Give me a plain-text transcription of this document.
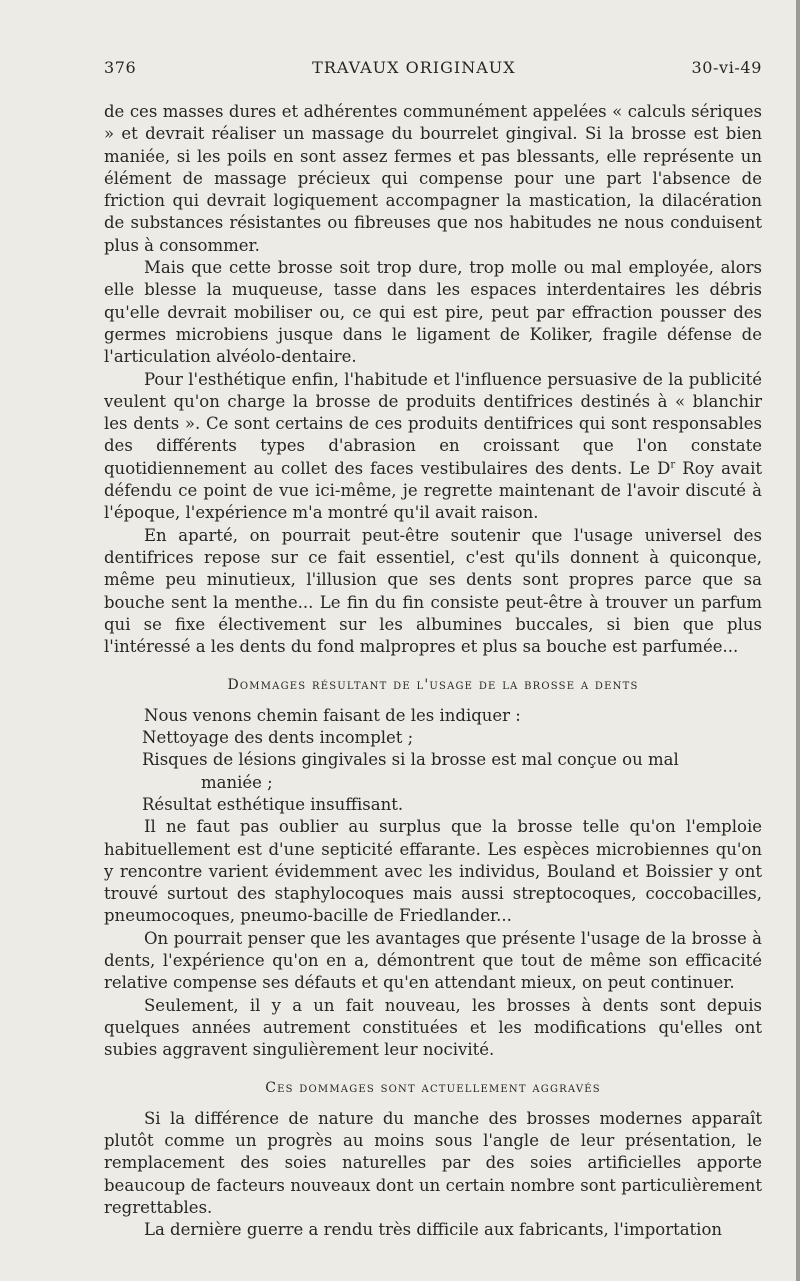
376	TRAVAUX ORIGINAUX	30-vi-49

de ces masses dures et adhérentes communément appelées « calculs sériques » et devrait réaliser un massage du bourrelet gingival. Si la brosse est bien maniée, si les poils en sont assez fermes et pas blessants, elle représente un élément de massage précieux qui compense pour une part l'absence de friction qui devrait logiquement accompagner la mastication, la dilacération de substances résistantes ou fibreuses que nos habitudes ne nous conduisent plus à consommer.

Mais que cette brosse soit trop dure, trop molle ou mal employée, alors elle blesse la muqueuse, tasse dans les espaces interdentaires les débris qu'elle devrait mobiliser ou, ce qui est pire, peut par effraction pousser des germes microbiens jusque dans le ligament de Koliker, fragile défense de l'articulation alvéolo-dentaire.

Pour l'esthétique enfin, l'habitude et l'influence persuasive de la publicité veulent qu'on charge la brosse de produits dentifrices destinés à « blanchir les dents ». Ce sont certains de ces produits dentifrices qui sont responsables des différents types d'abrasion en croissant que l'on constate quotidiennement au collet des faces vestibulaires des dents. Le $D^r$ Roy avait défendu ce point de vue ici-même, je regrette maintenant de l'avoir discuté à l'époque, l'expérience m'a montré qu'il avait raison.

En aparté, on pourrait peut-être soutenir que l'usage universel des dentifrices repose sur ce fait essentiel, c'est qu'ils donnent à quiconque, même peu minutieux, l'illusion que ses dents sont propres parce que sa bouche sent la menthe... Le fin du fin consiste peut-être à trouver un parfum qui se fixe électivement sur les albumines buccales, si bien que plus l'intéressé a les dents du fond malpropres et plus sa bouche est parfumée...

Dommages résultant de l'usage de la brosse a dents

Nous venons chemin faisant de les indiquer :

Nettoyage des dents incomplet ;
Risques de lésions gingivales si la brosse est mal conçue ou mal
maniée ;
Résultat esthétique insuffisant.

Il ne faut pas oublier au surplus que la brosse telle qu'on l'emploie habituellement est d'une septicité effarante. Les espèces microbiennes qu'on y rencontre varient évidemment avec les individus, Bouland et Boissier y ont trouvé surtout des staphylocoques mais aussi streptocoques, coccobacilles, pneumocoques, pneumo-bacille de Friedlander...

On pourrait penser que les avantages que présente l'usage de la brosse à dents, l'expérience qu'on en a, démontrent que tout de même son efficacité relative compense ses défauts et qu'en attendant mieux, on peut continuer.

Seulement, il y a un fait nouveau, les brosses à dents sont depuis quelques années autrement constituées et les modifications qu'elles ont subies aggravent singulièrement leur nocivité.

Ces dommages sont actuellement aggravés

Si la différence de nature du manche des brosses modernes apparaît plutôt comme un progrès au moins sous l'angle de leur présentation, le remplacement des soies naturelles par des soies artificielles apporte beaucoup de facteurs nouveaux dont un certain nombre sont particulièrement regrettables.

La dernière guerre a rendu très difficile aux fabricants, l'importation
